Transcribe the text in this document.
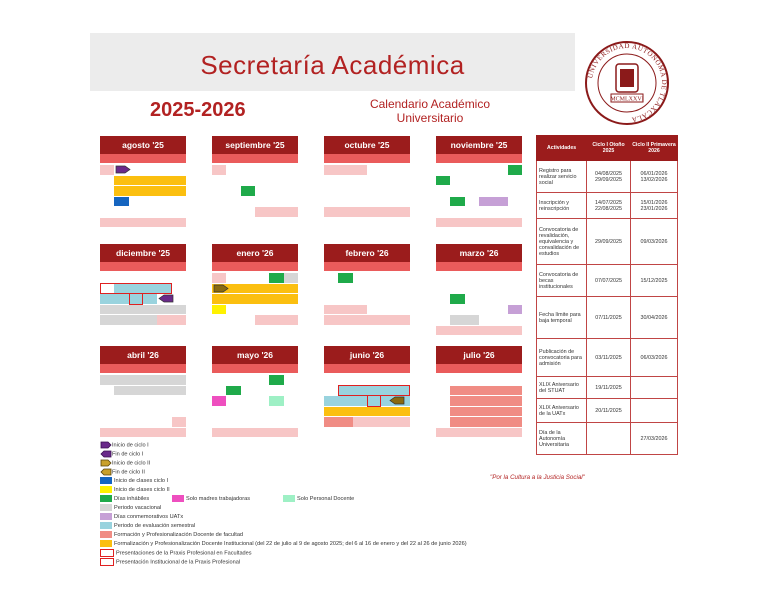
Secretaría Académica
2025-2026	Calendario Académico
Universitario
UNIVERSIDAD AUTÓNOMA DE TLAXCALA
MCMLXXVI
agosto '25	septiembre '25	octubre '25	noviembre '25
diciembre '25	enero '26	febrero '26	marzo '26
abril '26	mayo '26	junio '26	julio '26
Actividades	Ciclo I Otoño 2025	Ciclo II Primavera 2026
Registro para realizar servicio social	04/08/2025 29/09/2025	06/01/2026 13/02/2026
Inscripción y reinscripción	14/07/2025 22/08/2025	15/01/2026 23/01/2026
Convocatoria de revalidación, equivalencia y convalidación de estudios	29/09/2025	09/03/2026
Convocatoria de becas institucionales	07/07/2025	15/12/2025
Fecha límite para baja temporal	07/11/2025	30/04/2026
Publicación de convocatoria para admisión	03/11/2025	06/03/2026
XLIX Aniversario del STUAT	19/11/2025	
XLIX Aniversario de la UATx	20/11/2025	
Día de la Autonomía Universitaria		27/03/2026
"Por la Cultura a la Justicia Social"
Inicio de ciclo I
Fin de ciclo I
Inicio de ciclo II
Fin de ciclo II
Inicio de clases ciclo I
Inicio de clases ciclo II
Días inhábiles	Solo madres trabajadoras	Solo Personal Docente
Periodo vacacional
Días conmemorativos UATx
Periodo de evaluación semestral
Formación y Profesionalización Docente de facultad
Formalización y Profesionalización Docente Institucional (del 22 de julio al 9 de agosto 2025; del 6 al 16 de enero y del 22 al 26 de junio 2026)
Presentaciones de la Praxis Profesional en Facultades
Presentación Institucional de la Praxis Profesional
